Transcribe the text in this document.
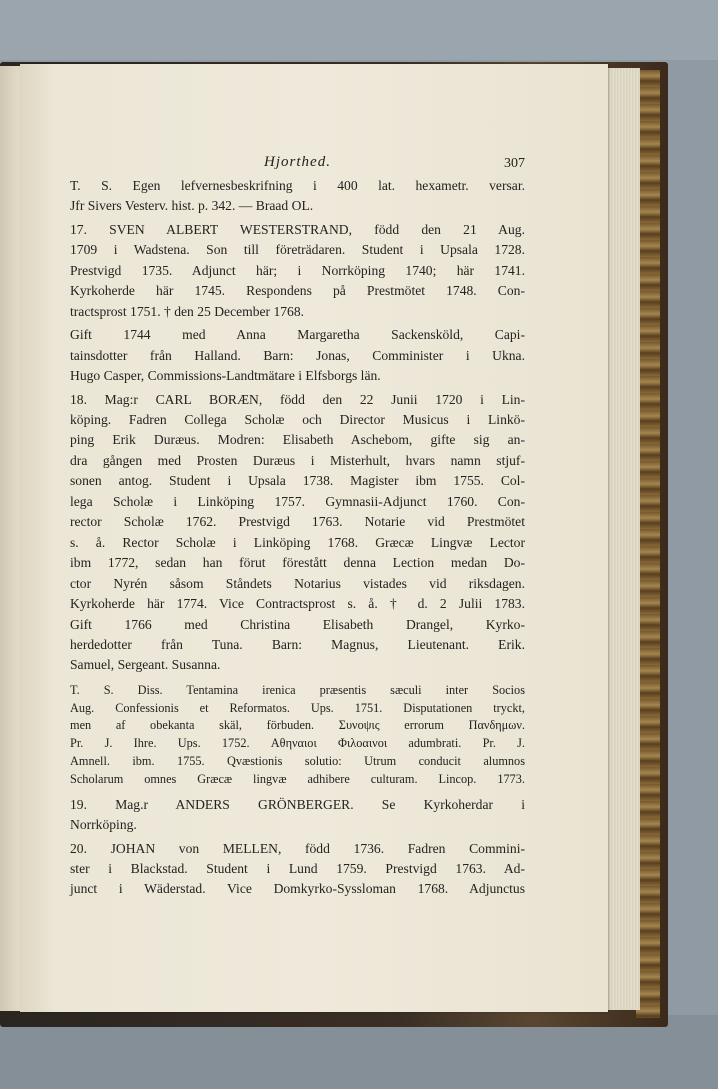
Hjorthed.	307
T. S. Egen lefvernesbeskrifning i 400 lat. hexametr. versar.
Jfr Sivers Vesterv. hist. p. 342. — Braad OL.
17. SVEN ALBERT WESTERSTRAND, född den 21 Aug.
1709 i Wadstena. Son till företrädaren. Student i Upsala 1728.
Prestvigd 1735. Adjunct här; i Norrköping 1740; här 1741.
Kyrkoherde här 1745. Respondens på Prestmötet 1748. Con-
tractsprost 1751. † den 25 December 1768.
Gift 1744 med Anna Margaretha Sackensköld, Capi-
tainsdotter från Halland. Barn: Jonas, Comminister i Ukna.
Hugo Casper, Commissions-Landtmätare i Elfsborgs län.
18. Mag:r CARL BORÆN, född den 22 Junii 1720 i Lin-
köping. Fadren Collega Scholæ och Director Musicus i Linkö-
ping Erik Duræus. Modren: Elisabeth Aschebom, gifte sig an-
dra gången med Prosten Duræus i Misterhult, hvars namn stjuf-
sonen antog. Student i Upsala 1738. Magister ibm 1755. Col-
lega Scholæ i Linköping 1757. Gymnasii-Adjunct 1760. Con-
rector Scholæ 1762. Prestvigd 1763. Notarie vid Prestmötet
s. å. Rector Scholæ i Linköping 1768. Græcæ Lingvæ Lector
ibm 1772, sedan han förut förestått denna Lection medan Do-
ctor Nyrén såsom Ståndets Notarius vistades vid riksdagen.
Kyrkoherde här 1774. Vice Contractsprost s. å. † d. 2 Julii 1783.
Gift 1766 med Christina Elisabeth Drangel, Kyrko-
herdedotter från Tuna. Barn: Magnus, Lieutenant. Erik.
Samuel, Sergeant. Susanna.
T. S. Diss. Tentamina irenica præsentis sæculi inter Socios
Aug. Confessionis et Reformatos. Ups. 1751. Disputationen tryckt,
men af obekanta skäl, förbuden. Συνοψις errorum Πανδημων.
Pr. J. Ihre. Ups. 1752. Αθηναιοι Φιλοαινοι adumbrati. Pr. J.
Amnell. ibm. 1755. Qvæstionis solutio: Utrum conducit alumnos
Scholarum omnes Græcæ lingvæ adhibere culturam. Lincop. 1773.
19. Mag.r ANDERS GRÖNBERGER. Se Kyrkoherdar i
Norrköping.
20. JOHAN von MELLEN, född 1736. Fadren Commini-
ster i Blackstad. Student i Lund 1759. Prestvigd 1763. Ad-
junct i Wäderstad. Vice Domkyrko-Syssloman 1768. Adjunctus
